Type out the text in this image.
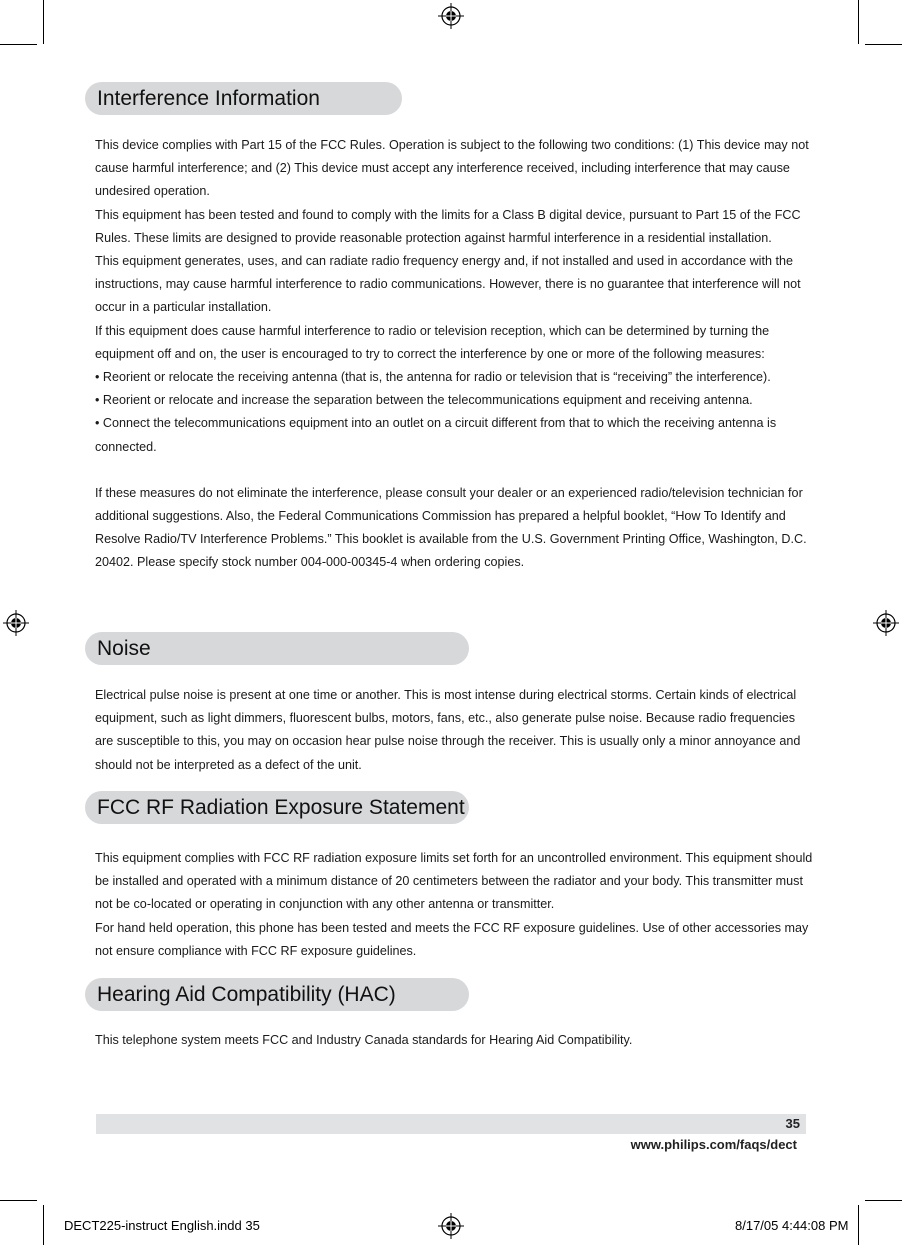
Interference Information

This device complies with Part 15 of the FCC Rules. Operation is subject to the following two conditions: (1) This device may not cause harmful interference; and (2) This device must accept any interference received, including interference that may cause undesired operation.

This equipment has been tested and found to comply with the limits for a Class B digital device, pursuant to Part 15 of the FCC Rules. These limits are designed to provide reasonable protection against harmful interference in a residential installation.

This equipment generates, uses, and can radiate radio frequency energy and, if not installed and used in accordance with the instructions, may cause harmful interference to radio communications. However, there is no guarantee that interference will not occur in a particular installation.

If this equipment does cause harmful interference to radio or television reception, which can be determined by turning the equipment off and on, the user is encouraged to try to correct the interference by one or more of the following measures:

• Reorient or relocate the receiving antenna (that is, the antenna for radio or television that is “receiving” the interference).

• Reorient or relocate and increase the separation between the telecommunications equipment and receiving antenna.

• Connect the telecommunications equipment into an outlet on a circuit different from that to which the receiving antenna is connected.

If these measures do not eliminate the interference, please consult your dealer or an experienced radio/television technician for additional suggestions. Also, the Federal Communications Commission has prepared a helpful booklet, “How To Identify and Resolve Radio/TV Interference Problems.” This booklet is available from the U.S. Government Printing Office, Washington, D.C. 20402. Please specify stock number 004-000-00345-4 when ordering copies.

Noise

Electrical pulse noise is present at one time or another. This is most intense during electrical storms. Certain kinds of electrical equipment, such as light dimmers, fluorescent bulbs, motors, fans, etc., also generate pulse noise. Because radio frequencies are susceptible to this, you may on occasion hear pulse noise through the receiver. This is usually only a minor annoyance and should not be interpreted as a defect of the unit.

FCC RF Radiation Exposure Statement

This equipment complies with FCC RF radiation exposure limits set forth for an uncontrolled environment. This equipment should be installed and operated with a minimum distance of 20 centimeters between the radiator and your body. This transmitter must not be co-located or operating in conjunction with any other antenna or transmitter.

For hand held operation, this phone has been tested and meets the FCC RF exposure guidelines. Use of other accessories may not ensure compliance with FCC RF exposure guidelines.

Hearing Aid Compatibility (HAC)

This telephone system meets FCC and Industry Canada standards for Hearing Aid Compatibility.

35
www.philips.com/faqs/dect
DECT225-instruct English.indd 35	8/17/05 4:44:08 PM
